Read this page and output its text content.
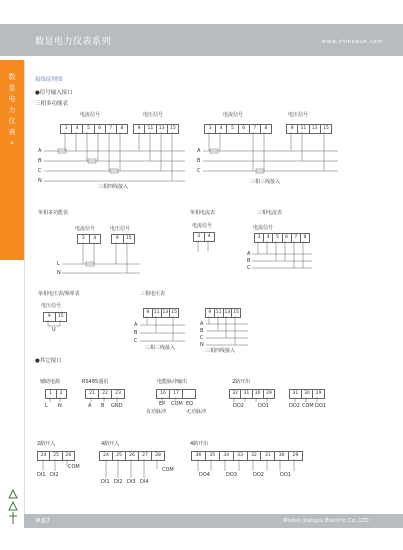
数显电力仪表系列	www.chmodun.com
数
显
电
力
仪
表
»
接线原理图
●信号输入接口
三相多功能表
电流信号	电压信号
3	4	5	6	7	8	9	11	13	15
A
B
C
N
三相四线接入
电流信号	电压信号
3	4	5	6	7	8	9	11	13	15
A
B
C
三相三线接入
单相多功能表
电流信号	电压信号
3	4	9	15
L
N
单相电流表
电流信号
3	4
三相电流表
电流信号
3	4	5	6	7	8
A
B
C
单相电压表/频率表
电压信号
9	15
U
三相电压表
9 11 13 15
A
B
C
三相三线接入
9 11 13 15
A
B
C
N
三相四线接入
●其它接口
辅助电源
1	2
L N
RS485通讯
21	22	23
A B GND
电能脉冲输出
16	17
EP COM EQ
有功脉冲	无功脉冲
2路开出
32	31	30	29
DO2	DO1
31	30	29
DO2 COM DO1
2路开入
24	25	26
COM
DI1 DI2
4路开入
24	25	26	27	28
COM
DI1 DI2 DI3 DI4
4路开出
36	35	34	33	32	31	30	29
DO4	DO3	DO2	DO1
P.67	Modun Jiangsu Electric Co.,LTD
